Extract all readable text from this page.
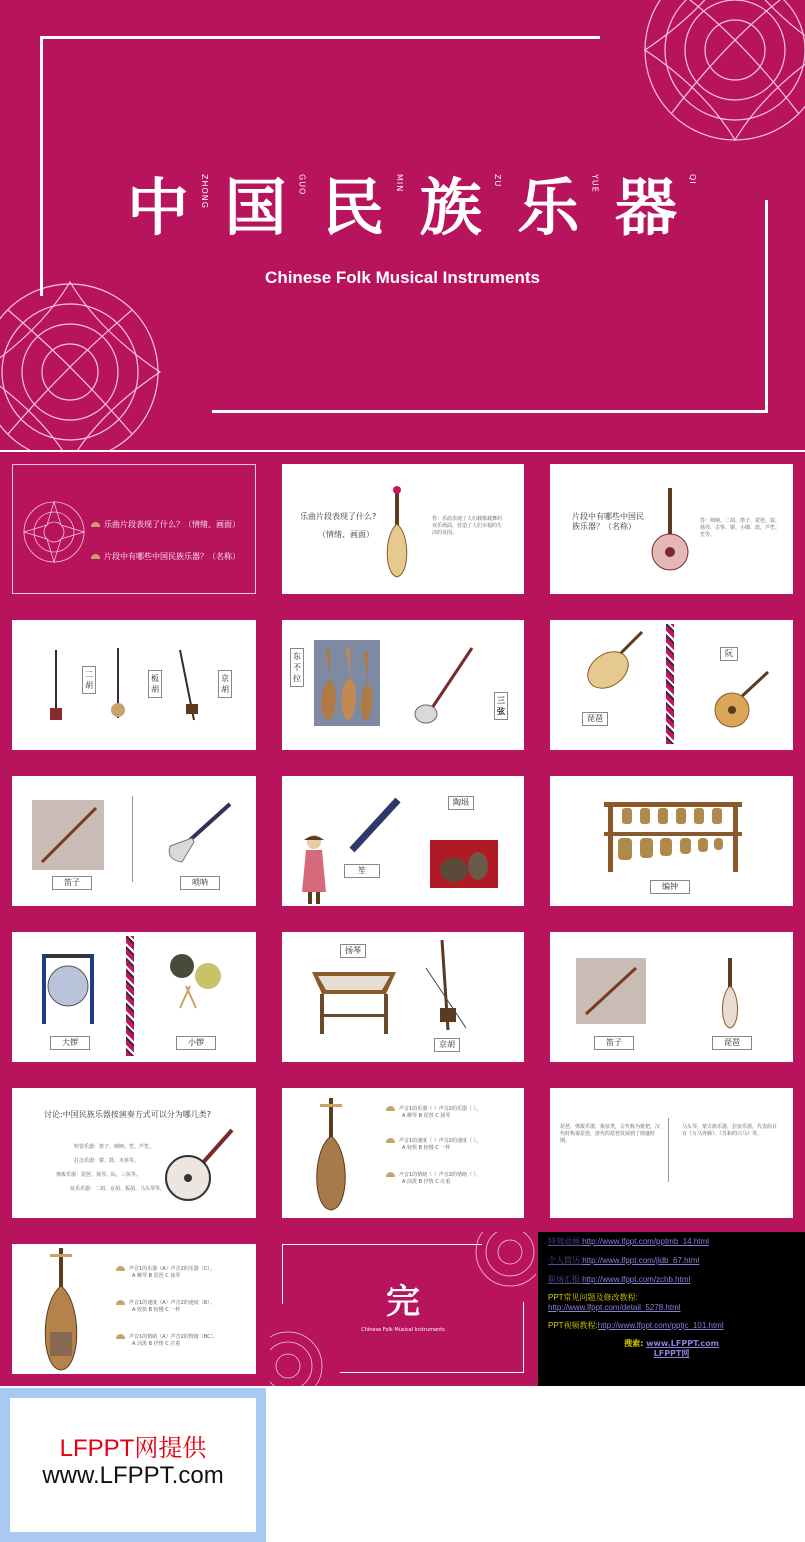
中 ZHONG 国 GUO 民 MIN 族 ZU 乐 YUE 器 QI
Chinese Folk Musical Instruments
乐曲片段表现了什么？（情绪、画面）
片段中有哪些中国民族乐器？（名称）
乐曲片段表现了什么?
（情绪、画面）
答：乐曲表现了人们载歌载舞的欢乐场面，营造了人们幸福的生活的氛围。
片段中有哪些中国民族乐器？（名称）
答：唢呐、二胡、笛子、琵琶、钹、扬琴、古筝、锣、小镲、鼓、芦笙、笙等。
二胡
板胡
京胡
东不拉
三弦
阮
琵琶
笛子	唢呐
陶埙
笙
编钟
大锣	小锣
扬琴
京胡	笛子	琵琶
讨论:中国民族乐器按演奏方式可以分为哪几类?
吹管乐器：笛子、唢呐、笙、芦笙。
打击乐器：锣、鼓、木鱼等。
弹拨乐器：琵琶、扬琴、阮、三弦等。
弦乐乐器：二胡、京胡、板胡、马头琴等。
声音1的乐器（ ）声音2的乐器（ ）。
A 柳琴 B 琵琶 C 扬琴
声音1的速度（ ）声音2的速度（ ）。
A 较快 B 较慢 C 一样
声音1的情绪（ ）声音2的情绪（ ）。
A 活泼 B 抒情 C 庄重
琵琶，弹拨乐器，拨弦类，古代称为枇杷，汉代时称秦琵琶，唐代的琵琶发展到了鼎盛时期。
马头琴，蒙古族乐器，拉弦乐器，代表曲目有《万马奔腾》，《苏和的白马》等。
声音1的乐器（A）声音2的乐器（C）。
A 柳琴 B 琵琶 C 扬琴
声音1的速度（A）声音2的速度（B）。
A 较快 B 较慢 C 一样
声音1的情绪（A）声音2的情绪（BC）。
A 活泼 B 抒情 C 庄重
完
Chinese Folk Musical Instruments
特效动画:http://www.lfppt.com/pptmb_14.html
个人简历:http://www.lfppt.com/jldb_67.html
职场汇报:http://www.lfppt.com/zchb.html
PPT常见问题及修改教程:
http://www.lfppt.com/detail_5278.html
PPT视频教程:http://www.lfppt.com/pptjc_101.html
搜索: www.LFPPT.com
LFPPT网
LFPPT网提供
www.LFPPT.com
